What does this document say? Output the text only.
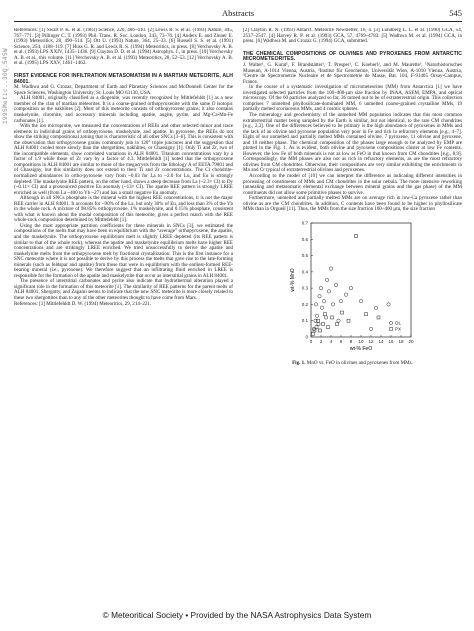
1995Metic..30Q.545W
Abstracts	545

References: [1] Swart P. K. et al. (1983) Science, 220, 406–410. [2] Lewis R. S. et al. (1983) Nature, 305, 767–771. [3] Pillinger C. T. (1993) Phil. Trans. R. Soc. London, 343, 73–76. [4] Anders E. and Zinner E. (1993) Meteoritics, 28, 490–514. [5] Ott U. (1993) Nature, 364, 25–33. [6] Russell S. S. et al. (1991) Science, 254, 1188–119. [7] Huss G. R. and Lewis R. S. (1994) Meteoritics, in press. [8] Verchovsky A. B. et al. (1993) LPS XXIV, 1435–1436. [9] Clayton D. D. et al. (1994) Astrophys. J., in press. [10] Verchovsky A. B. et al., this volume. [11] Verchovsky A. B. et al. (1993) Meteoritics, 28, 52–53. [12] Verchovsky A. B. et al. (1995) LPS XXV, 1461–1462.

FIRST EVIDENCE FOR INFILTRATION METASOMATISM IN A MARTIAN METEORITE, ALH 84001.

M. Wadhwa and G. Crozaz, Department of Earth and Planetary Sciences and McDonnell Center for the Space Sciences, Washington University, St. Louis MO 63130, USA.

ALH 84001, originally classified as a diogenite, was recently recognized by Mittlefehldt [1] as a new member of the clan of martian meteorites. It is a coarse-grained orthopyroxenite with the same O isotopic composition as the nakhlites [2]. Most of this meteorite consists of orthopyroxene grains; it also contains maskelynite, chromite, and accessory minerals including apatite, augite, pyrite, and Mg-Ca-Mn-Fe carbonates [1].

With the ion microprobe, we measured the concentrations of REEs and other selected minor and trace elements in individual grains of orthopyroxene, maskelynite, and apatite. In pyroxene, the REEs do not show the striking compositional zoning that is characteristic of all other SNCs [3–6]. This is consistent with the observation that orthopyroxene grains commonly join in 120° triple junctures and the suggestion that ALH 84001 cooled more slowly than the shergottites, nakhlites, or Chassigny [1]. Only Ti and Zr, two of the incompatible elements, show correlated variations in ALH 84001. Titanium concentrations vary by a factor of 1.9 while those of Zr vary by a factor of 4.3. Mittlefehldt [1] noted that the orthopyroxene compositions in ALH 84001 are similar to those of the megacrysts from the lithology A of EETA 79001 and of Chassigny, but this similarity does not extend to their Ti and Zr concentrations. The Cl chondrite-normalized abundances in ortho-pyroxene vary from ~0.03 for La to ~2.0 for Lu, and Eu is strongly depleted. The maskelynite REE pattern, on the other hand, shows a steep decrease from La (~2.3× CI) to Dy (~0.11× CI) and a pronounced positive Eu anomaly (~13× CI). The apatite REE pattern is strongly LREE enriched as well (from La ~400 to Yb ~27) and has a small negative Eu anomaly.

Although in all SNCs phosphate is the mineral with the highest REE concentrations, it is not the major REE carrier in ALH 84001. It accounts for ~90% of the La, but only 30% of Eu, and less than 3% of the Yb in the whole rock. A mixture of 98.85% orthopyroxene, 1% maskelynite, and 0.15% phosphate, consistent with what is known about the modal composition of this meteorite, gives a perfect match with the REE whole-rock composition determined by Mittlefehldt [1].

Using the most appropriate partition coefficients for these minerals in SNCs [3], we estimated the compositions of the melts that may have been in equilibrium with the “average” orthopyroxene, the apatite, and the maskelynite. The orthopyroxene equilibrium melt is slightly LREE depleted (its REE pattern is similar to that of the whole rock), whereas the apatite and maskelynite equilibrium melts have higher REE concentrations and are strikingly LREE enriched. We tried unsuccessfully to derive the apatite and maskelynite melts from the orthopyroxene melt by fractional crystallization. This is the first instance for a SNC meteorite where it is not possible to derive by this process the melts that gave rise to the late-forming minerals (such as feldspar and apatite) from those that were in equilibrium with the earliest-formed REE-bearing mineral (i.e., pyroxene). We therefore suggest that an infiltrating fluid enriched in LREE is responsible for the formation of the apatite and maskelynite that occur as interstitial grains in ALH 84001.

The presence of interstitial carbonates and pyrite also indicate that hydrothermal alteration played a significant role in the formation of this meteorite [1]. The similarity of REE patterns for the parent melts of ALH 84001, Shergotty, and Zagami seems to indicate that the new SNC meteorite is more closely related to these two shergottites than to any of the other meteorites thought to have come from Mars.

References: [1] Mittlefehldt D. W. (1994) Meteoritics, 29, 214–221.

[2] Clayton R. N. (1993) Antarct. Meteorite Newsletter, 16, 4. [3] Lundberg L. L. et al. (1990) GCA, 54, 2537–2547. [4] Harvey R. P. et al. (1993) GCA, 57, 4769–4783. [5] Wadhwa M. et al. (1994) GCA, in press. [6] Wadhwa M. and Crozaz G. (1994) GCA, submitted.

THE CHEMICAL COMPOSITIONS OF OLIVINES AND PYROXENES FROM ANTARCTIC MICROMETEORITES.

J. Walter¹, G. Kurat¹, F. Brandstätter¹, T. Presper¹, C. Koeberl², and M. Maurette³, ¹Naturhistorisches Museum, A-1014 Vienna, Austria, ²Institut für Geochemie, Universität Wien, A-1010 Vienna, Austria, ³Centre de Spectrometrie Nucleaire et de Spectrometrie de Masse, Bat. 104, F-91405 Orsay-Campus, France.

In the course of a systematic investigation of micrometeorites (MM) from Antarctica [1] we have investigated selected particles from the 100–400-µm size fraction by INAA, ASEM, EMPA, and optical microscopy. Of the 60 particles analyzed so far, 36 turned out to be of extraterrestrial origin. This collection comprises 7 unmelted phyllosilicate-dominated MM, 6 unmelted coarse-grained crystalline MMs, 19 partially melted scoriaceous MMs, and 4 cosmic spheres.

The mineralogy and geochemistry of the unmelted MM population indicates that this most common extraterrestrial matter being sampled by the Earth is similar, but not identical, to the rare CM chondrites [e.g., 2,3]. One of the differences believed to be primary is the high abundance of pyroxenes in MMs and the lack of an olivine and pyroxene population very poor in Fe and rich in refractory elements [e.g., 4–7]. Eight of our unmelted and partially melted MMs contained olivine, 7 pyroxene, 11 olivine and pyroxene, and 10 neither phase. The chemical composition of the phases large enough to be analyzed by EMP are plotted in the Fig. 1. As is evident, both olivine and pyroxene compositions cluster at low Fe contents. However, the low Fe of both minerals is not as low as FeO in that known from CM chondrites [e.g., 8,9]. Correspondingly, the MM phases are also not as rich in refractory elements, as are the most refractory olivines from CM chondrites. Otherwise, their compositions are very similar exhibiting the enrichments in Mn and Cr typical of extraterrestrial olivines and pyroxenes.

According to the model of [10] we can interpret the difference as indicating different intensities in processing of constituents of MMs and CM chondrites in the solar nebula. The more intensive reworking (annealing and metasomatic elemental exchange between mineral grains and the gas phase) of the MM constituents did not allow some primitive phases to survive.

Furthermore, unmelted and partially melted MMs are on average rich in low-Ca pyroxene rather than olivine as are the CM chondrites. In addition, C contents have been found to be higher in phyllosilicate MMs than in Orgueil [11]. Thus, the MMs from the size fraction 100–400 µm, the size fraction

0 2 4 6 8 10 12 14 16 18 20
0
0.1
0.2
0.3
0.4
0.5
0.6
0.7
OL
PX
wt-% FeO
wt-% MnO
Fig. 1. MnO vs. FeO in olivines and pyroxenes from MMs.
© Meteoritical Society • Provided by the NASA Astrophysics Data System
